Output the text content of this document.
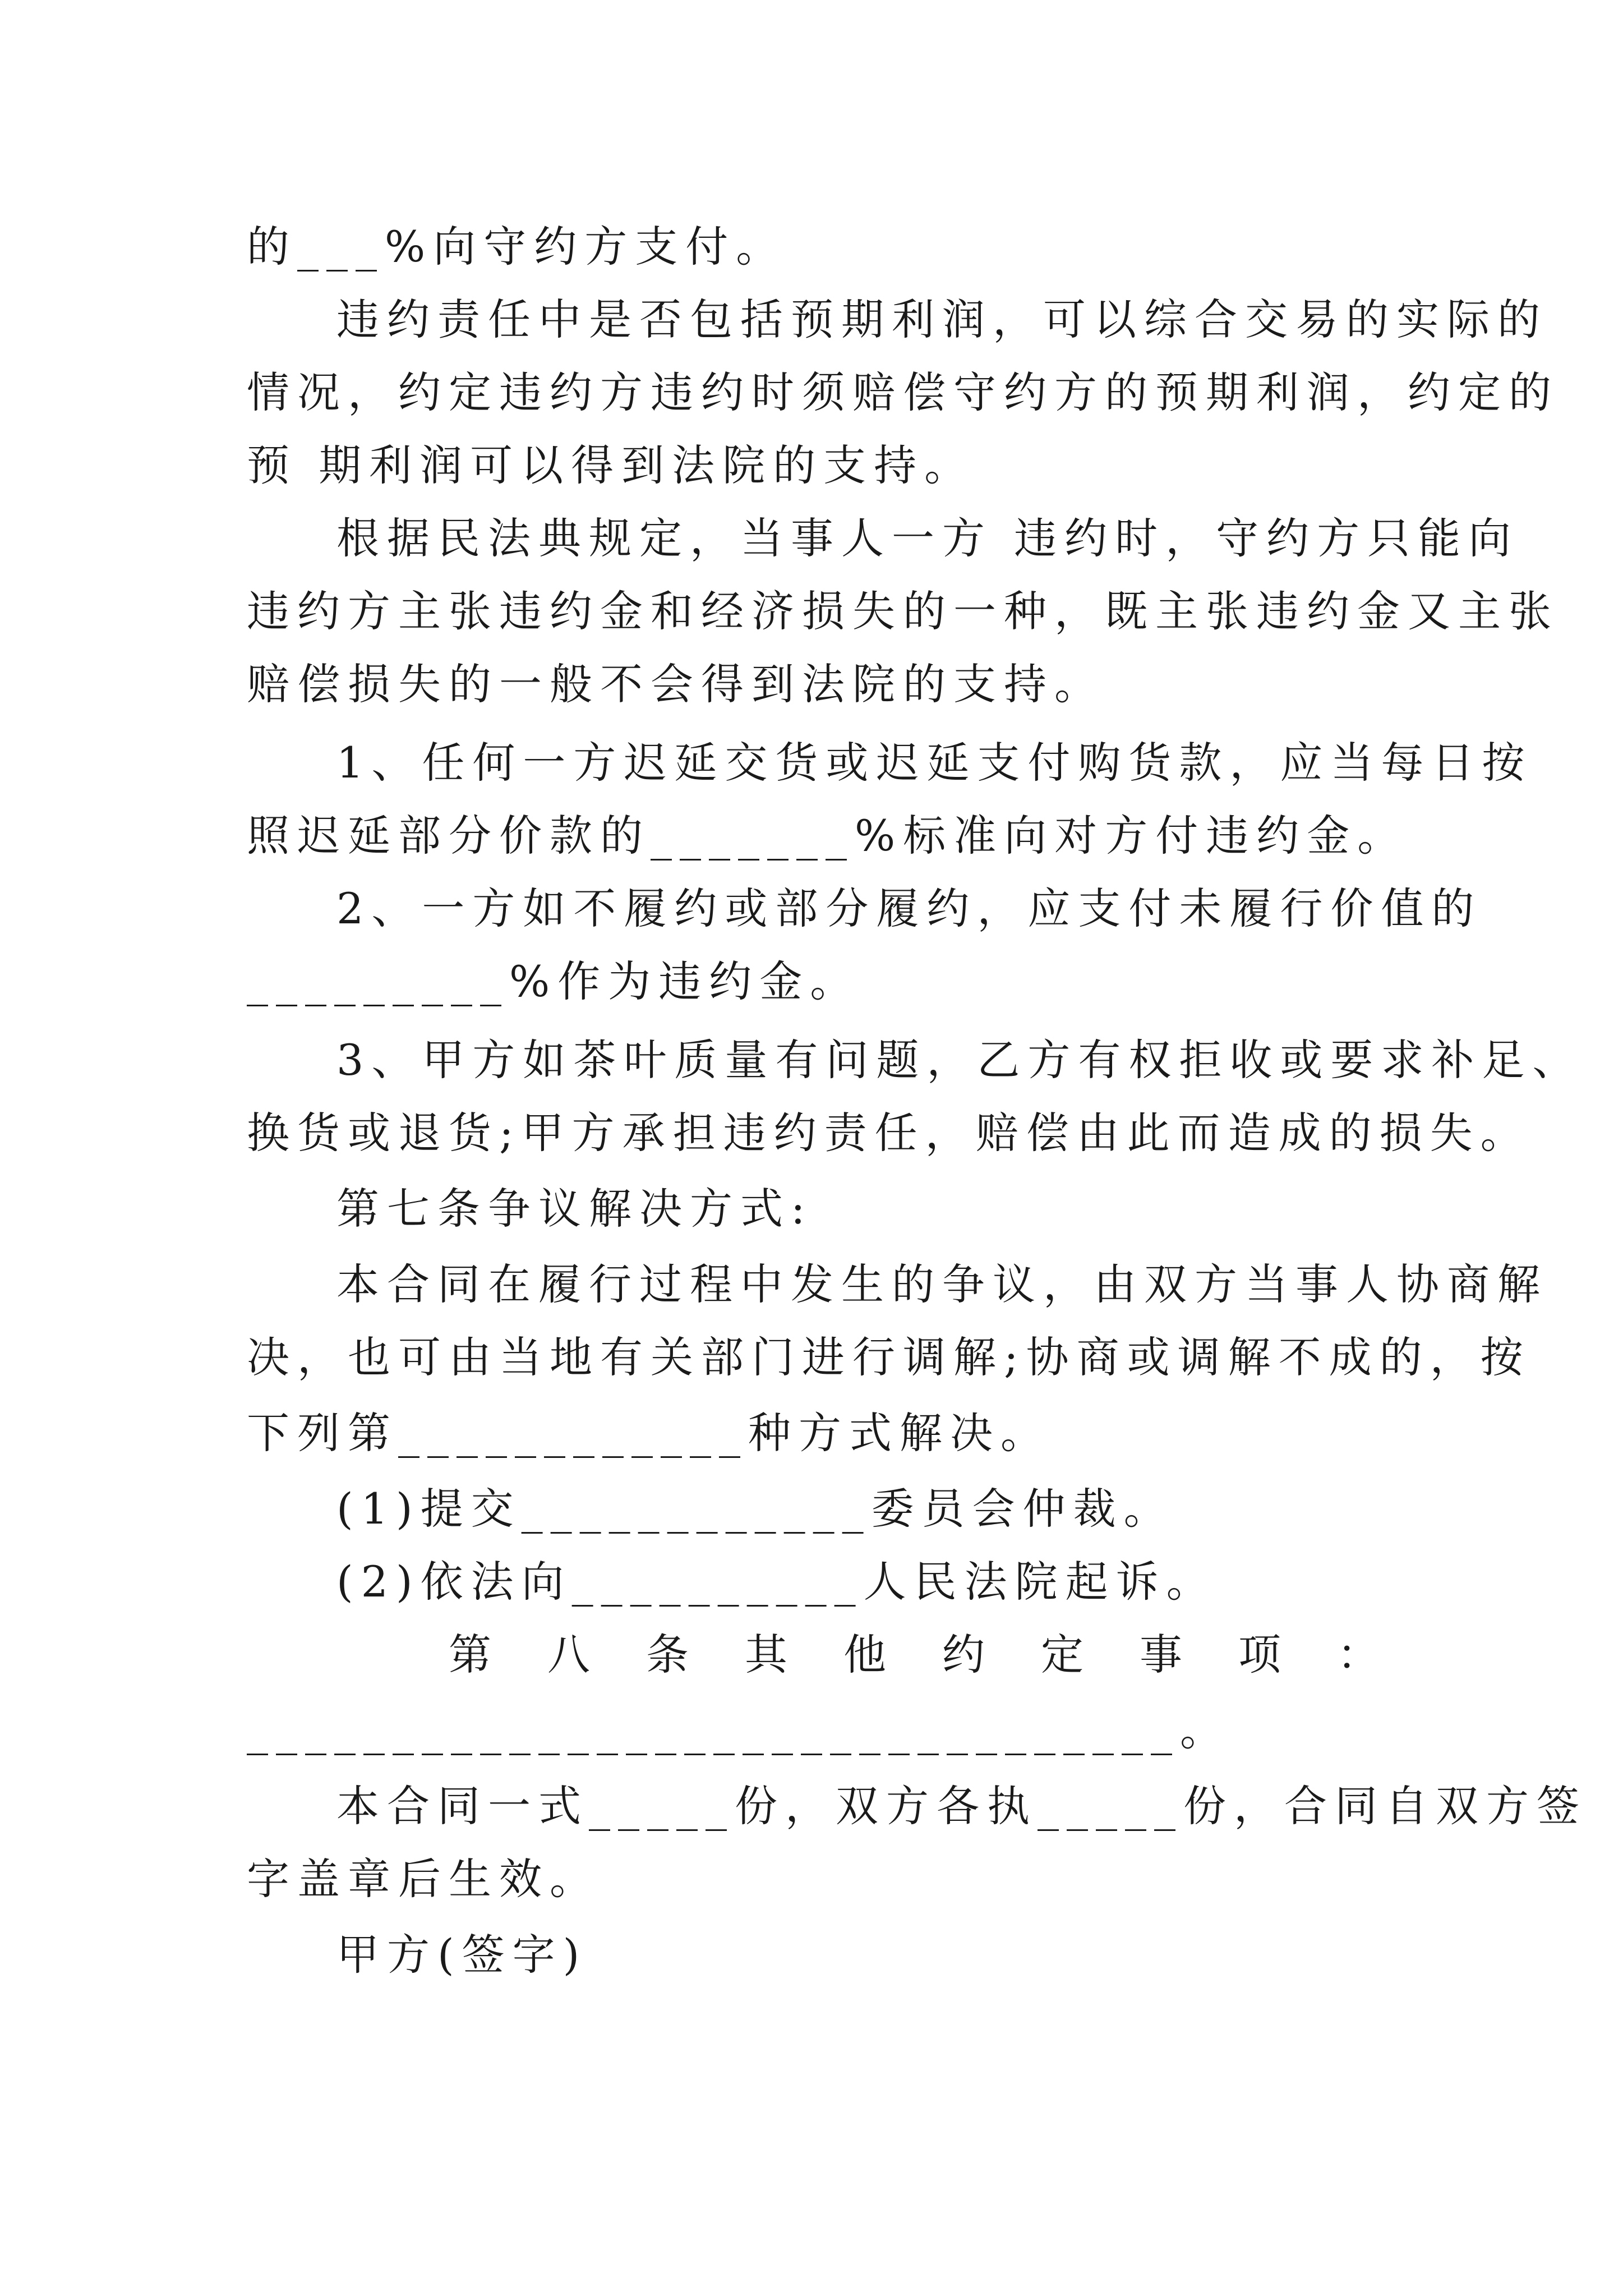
的___%向守约方支付。
违约责任中是否包括预期利润，可以综合交易的实际的
情况，约定违约方违约时须赔偿守约方的预期利润，约定的
预 期利润可以得到法院的支持。
根据民法典规定，当事人一方 违约时，守约方只能向
违约方主张违约金和经济损失的一种，既主张违约金又主张
赔偿损失的一般不会得到法院的支持。
1、任何一方迟延交货或迟延支付购货款，应当每日按
照迟延部分价款的_______%标准向对方付违约金。
2、一方如不履约或部分履约，应支付未履行价值的
_________%作为违约金。
3、甲方如茶叶质量有问题，乙方有权拒收或要求补足、
换货或退货;甲方承担违约责任，赔偿由此而造成的损失。
第七条争议解决方式:
本合同在履行过程中发生的争议，由双方当事人协商解
决，也可由当地有关部门进行调解;协商或调解不成的，按
下列第____________种方式解决。
(1)提交____________委员会仲裁。
(2)依法向__________人民法院起诉。
第 八 条 其 他 约 定 事 项 ：
________________________________。
本合同一式_____份，双方各执_____份，合同自双方签
字盖章后生效。
甲方(签字)
